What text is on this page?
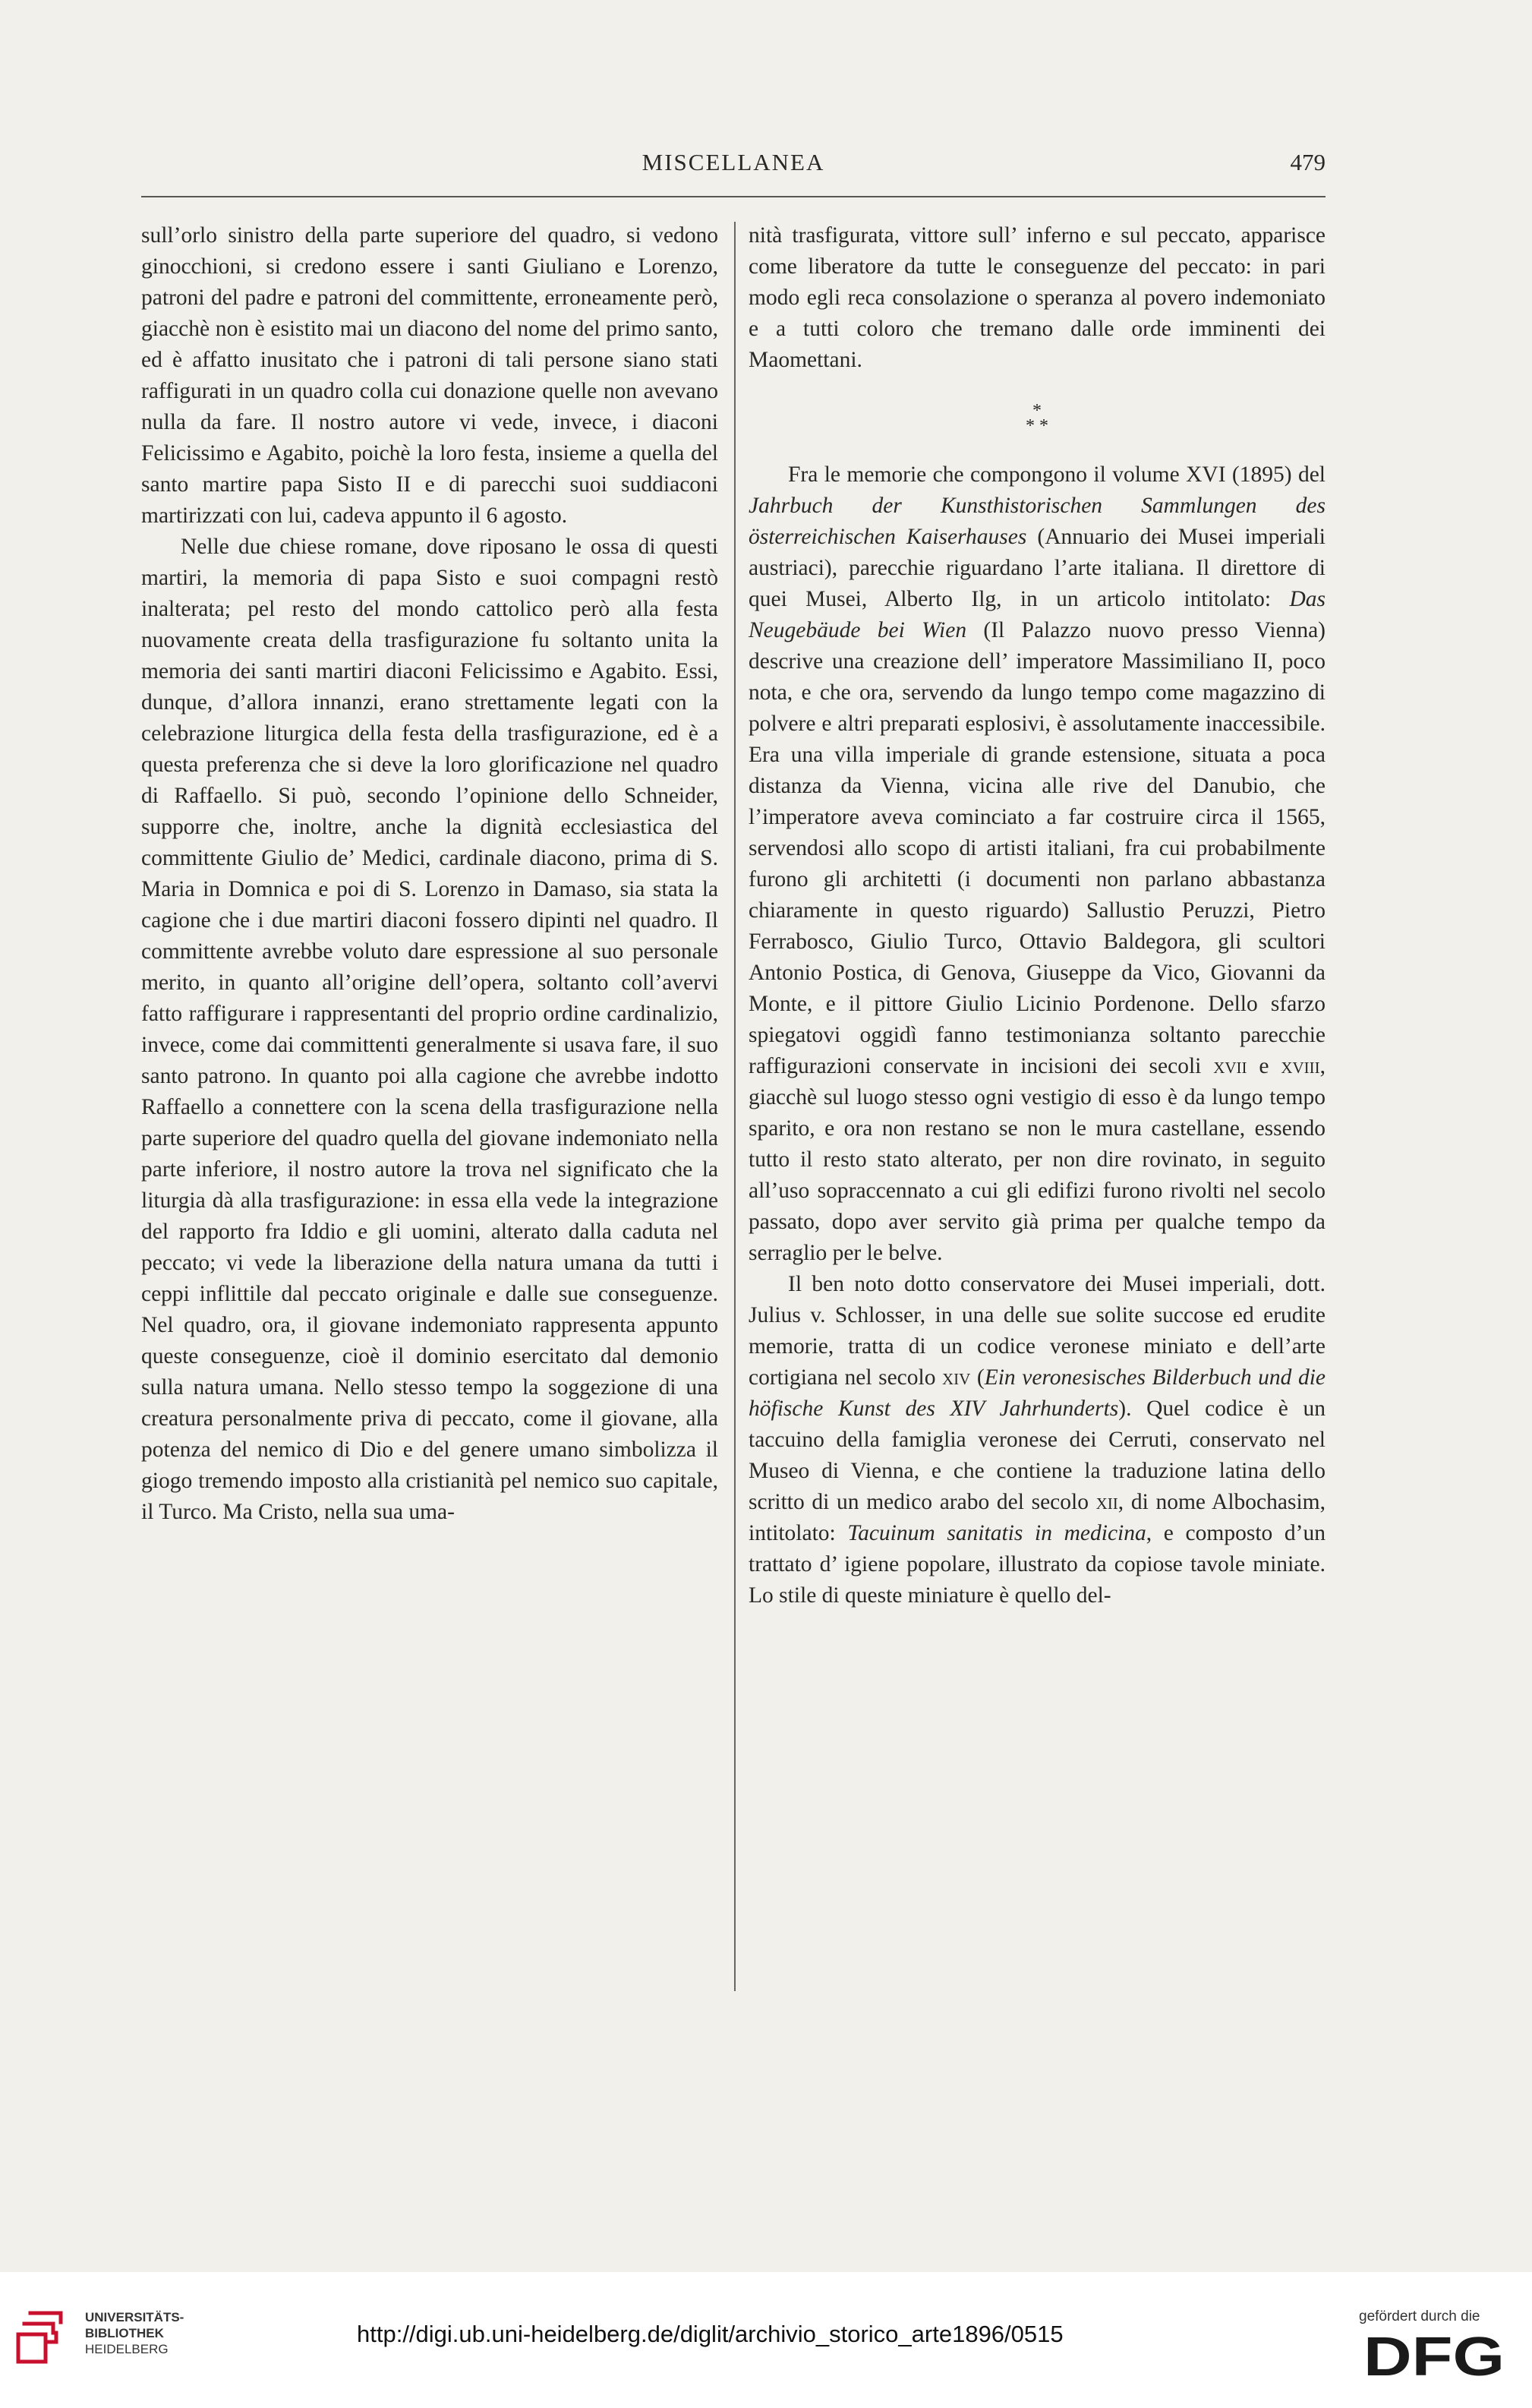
MISCELLANEA	479

sull’orlo sinistro della parte superiore del quadro, si vedono ginocchioni, si credono essere i santi Giuliano e Lorenzo, patroni del padre e patroni del committente, erroneamente però, giacchè non è esistito mai un diacono del nome del primo santo, ed è affatto inusitato che i patroni di tali persone siano stati raffigurati in un quadro colla cui donazione quelle non avevano nulla da fare. Il nostro autore vi vede, invece, i diaconi Felicissimo e Agabito, poichè la loro festa, insieme a quella del santo martire papa Sisto II e di parecchi suoi suddiaconi martirizzati con lui, cadeva appunto il 6 agosto.

Nelle due chiese romane, dove riposano le ossa di questi martiri, la memoria di papa Sisto e suoi compagni restò inalterata; pel resto del mondo cattolico però alla festa nuovamente creata della trasfigurazione fu soltanto unita la memoria dei santi martiri diaconi Felicissimo e Agabito. Essi, dunque, d’allora innanzi, erano strettamente legati con la celebrazione liturgica della festa della trasfigurazione, ed è a questa preferenza che si deve la loro glorificazione nel quadro di Raffaello. Si può, secondo l’opinione dello Schneider, supporre che, inoltre, anche la dignità ecclesiastica del committente Giulio de’ Medici, cardinale diacono, prima di S. Maria in Domnica e poi di S. Lorenzo in Damaso, sia stata la cagione che i due martiri diaconi fossero dipinti nel quadro. Il committente avrebbe voluto dare espressione al suo personale merito, in quanto all’origine dell’opera, soltanto coll’avervi fatto raffigurare i rappresentanti del proprio ordine cardinalizio, invece, come dai committenti generalmente si usava fare, il suo santo patrono. In quanto poi alla cagione che avrebbe indotto Raffaello a connettere con la scena della trasfigurazione nella parte superiore del quadro quella del giovane indemoniato nella parte inferiore, il nostro autore la trova nel significato che la liturgia dà alla trasfigurazione: in essa ella vede la integrazione del rapporto fra Iddio e gli uomini, alterato dalla caduta nel peccato; vi vede la liberazione della natura umana da tutti i ceppi inflittile dal peccato originale e dalle sue conseguenze. Nel quadro, ora, il giovane indemoniato rappresenta appunto queste conseguenze, cioè il dominio esercitato dal demonio sulla natura umana. Nello stesso tempo la soggezione di una creatura personalmente priva di peccato, come il giovane, alla potenza del nemico di Dio e del genere umano simbolizza il giogo tremendo imposto alla cristianità pel nemico suo capitale, il Turco. Ma Cristo, nella sua uma-

nità trasfigurata, vittore sull’ inferno e sul peccato, apparisce come liberatore da tutte le conseguenze del peccato: in pari modo egli reca consolazione o speranza al povero indemoniato e a tutti coloro che tremano dalle orde imminenti dei Maomettani.

*
* *

Fra le memorie che compongono il volume XVI (1895) del Jahrbuch der Kunsthistorischen Sammlungen des österreichischen Kaiserhauses (Annuario dei Musei imperiali austriaci), parecchie riguardano l’arte italiana. Il direttore di quei Musei, Alberto Ilg, in un articolo intitolato: Das Neugebäude bei Wien (Il Palazzo nuovo presso Vienna) descrive una creazione dell’ imperatore Massimiliano II, poco nota, e che ora, servendo da lungo tempo come magazzino di polvere e altri preparati esplosivi, è assolutamente inaccessibile. Era una villa imperiale di grande estensione, situata a poca distanza da Vienna, vicina alle rive del Danubio, che l’imperatore aveva cominciato a far costruire circa il 1565, servendosi allo scopo di artisti italiani, fra cui probabilmente furono gli architetti (i documenti non parlano abbastanza chiaramente in questo riguardo) Sallustio Peruzzi, Pietro Ferrabosco, Giulio Turco, Ottavio Baldegora, gli scultori Antonio Postica, di Genova, Giuseppe da Vico, Giovanni da Monte, e il pittore Giulio Licinio Pordenone. Dello sfarzo spiegatovi oggidì fanno testimonianza soltanto parecchie raffigurazioni conservate in incisioni dei secoli xvii e xviii, giacchè sul luogo stesso ogni vestigio di esso è da lungo tempo sparito, e ora non restano se non le mura castellane, essendo tutto il resto stato alterato, per non dire rovinato, in seguito all’uso sopraccennato a cui gli edifizi furono rivolti nel secolo passato, dopo aver servito già prima per qualche tempo da serraglio per le belve.

Il ben noto dotto conservatore dei Musei imperiali, dott. Julius v. Schlosser, in una delle sue solite succose ed erudite memorie, tratta di un codice veronese miniato e dell’arte cortigiana nel secolo xiv (Ein veronesisches Bilderbuch und die höfische Kunst des XIV Jahrhunderts). Quel codice è un taccuino della famiglia veronese dei Cerruti, conservato nel Museo di Vienna, e che contiene la traduzione latina dello scritto di un medico arabo del secolo xii, di nome Albochasim, intitolato: Tacuinum sanitatis in medicina, e composto d’un trattato d’ igiene popolare, illustrato da copiose tavole miniate. Lo stile di queste miniature è quello del-

UNIVERSITÄTS-
BIBLIOTHEK
HEIDELBERG
http://digi.ub.uni-heidelberg.de/diglit/archivio_storico_arte1896/0515
gefördert durch die
DFG
